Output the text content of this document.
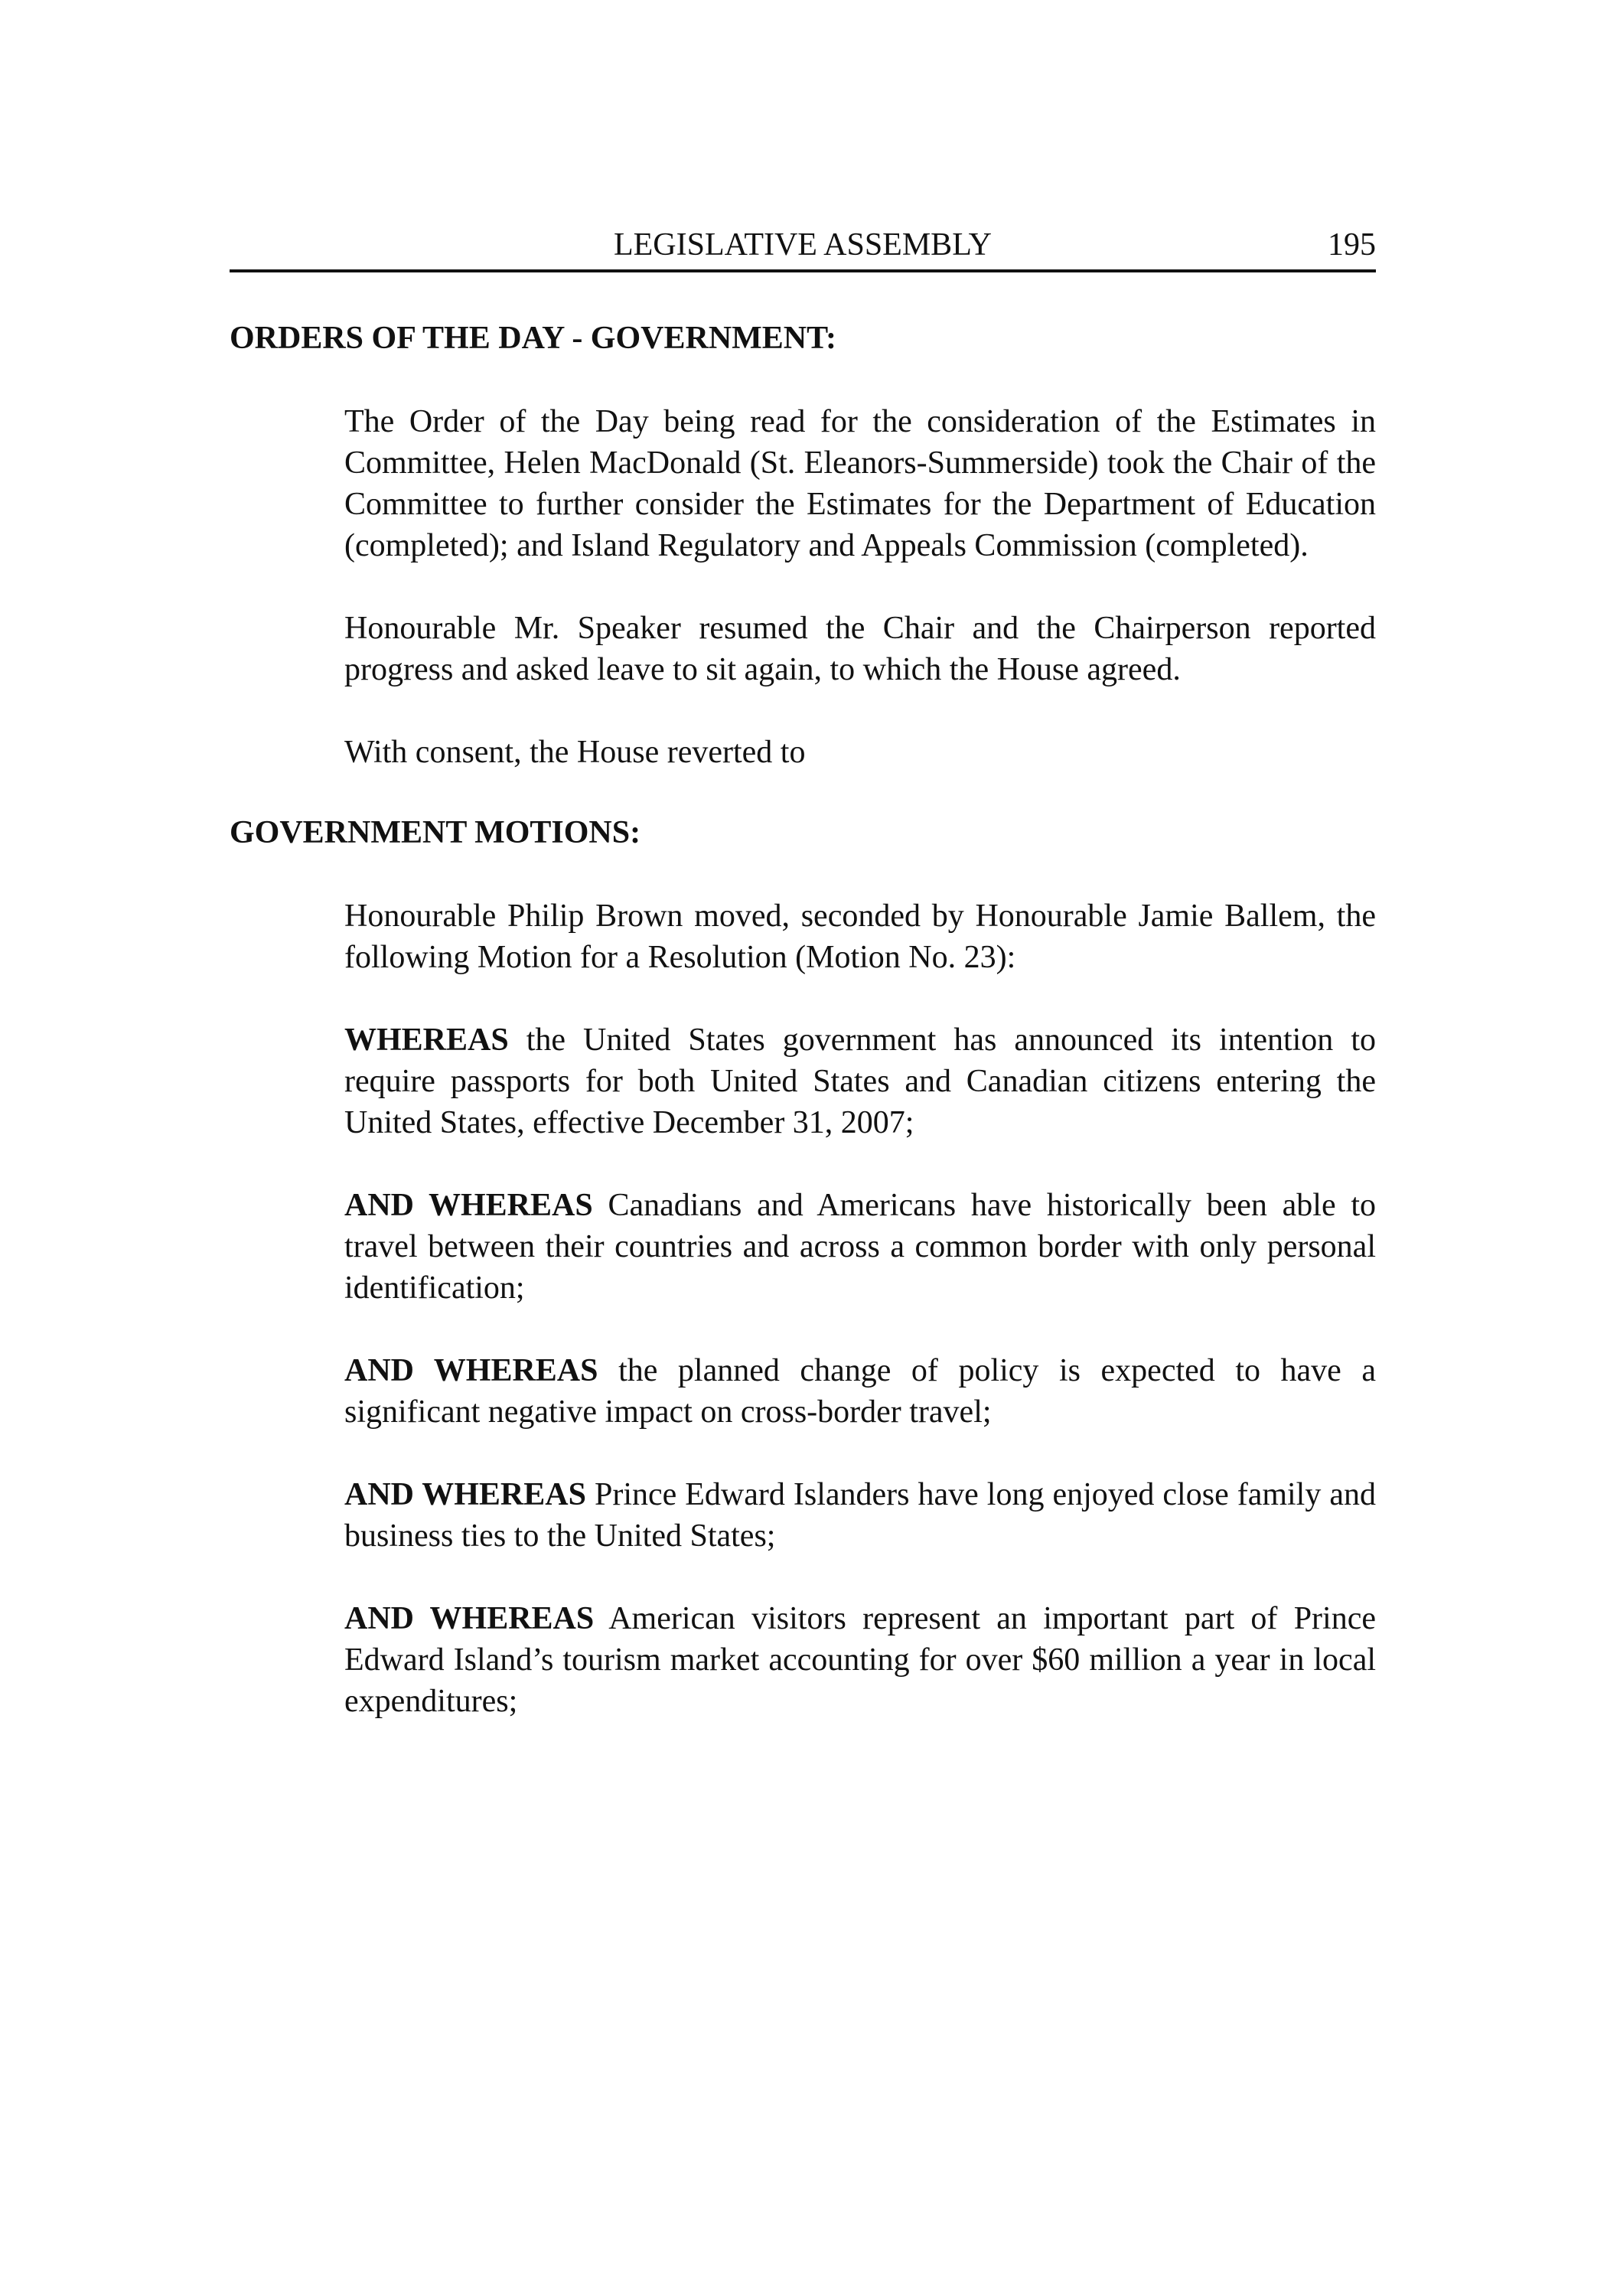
LEGISLATIVE ASSEMBLY	195
ORDERS OF THE DAY - GOVERNMENT:

The Order of the Day being read for the consideration of the Estimates in Committee, Helen MacDonald (St. Eleanors-Summerside) took the Chair of the Committee to further consider the Estimates for the Department of Education (completed); and Island Regulatory and Appeals Commission (completed).

Honourable Mr. Speaker resumed the Chair and the Chairperson reported progress and asked leave to sit again, to which the House agreed.

With consent, the House reverted to

GOVERNMENT MOTIONS:

Honourable Philip Brown moved, seconded by Honourable Jamie Ballem, the following Motion for a Resolution (Motion No. 23):

WHEREAS the United States government has announced its intention to require passports for both United States and Canadian citizens entering the United States, effective December 31, 2007;

AND WHEREAS Canadians and Americans have historically been able to travel between their countries and across a common border with only personal identification;

AND WHEREAS the planned change of policy is expected to have a significant negative impact on cross-border travel;

AND WHEREAS Prince Edward Islanders have long enjoyed close family and business ties to the United States;

AND WHEREAS American visitors represent an important part of Prince Edward Island’s tourism market accounting for over $60 million a year in local expenditures;
